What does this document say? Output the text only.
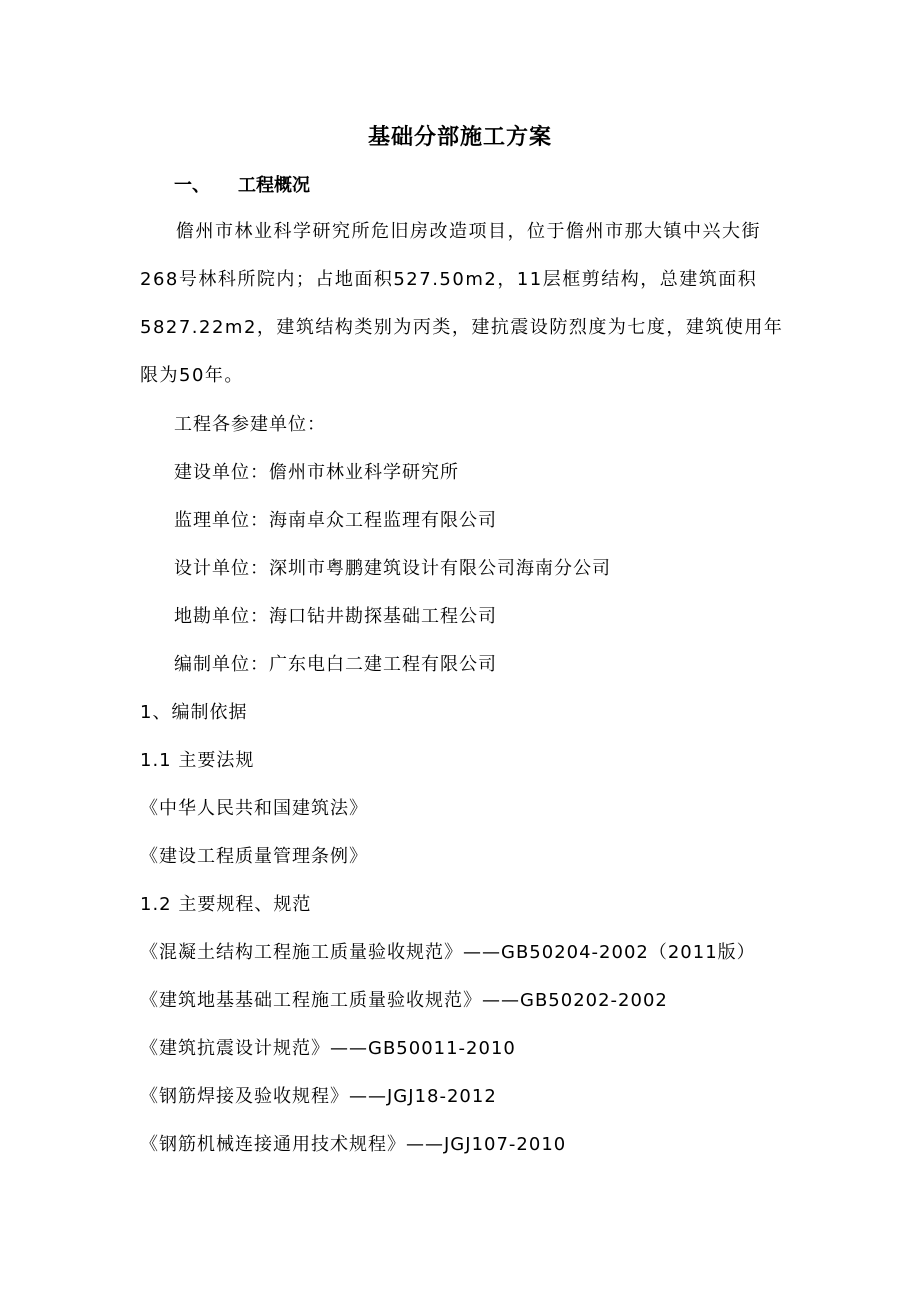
基础分部施工方案
一、 工程概况
儋州市林业科学研究所危旧房改造项目，位于儋州市那大镇中兴大街268号林科所院内；占地面积527.50m2，11层框剪结构，总建筑面积5827.22m2，建筑结构类别为丙类，建抗震设防烈度为七度，建筑使用年限为50年。
工程各参建单位：
建设单位：儋州市林业科学研究所
监理单位：海南卓众工程监理有限公司
设计单位：深圳市粤鹏建筑设计有限公司海南分公司
地勘单位：海口钻井勘探基础工程公司
编制单位：广东电白二建工程有限公司
1、编制依据
1.1 主要法规
《中华人民共和国建筑法》
《建设工程质量管理条例》
1.2 主要规程、规范
《混凝土结构工程施工质量验收规范》——GB50204-2002（2011版）
《建筑地基基础工程施工质量验收规范》——GB50202-2002
《建筑抗震设计规范》——GB50011-2010
《钢筋焊接及验收规程》——JGJ18-2012
《钢筋机械连接通用技术规程》——JGJ107-2010
